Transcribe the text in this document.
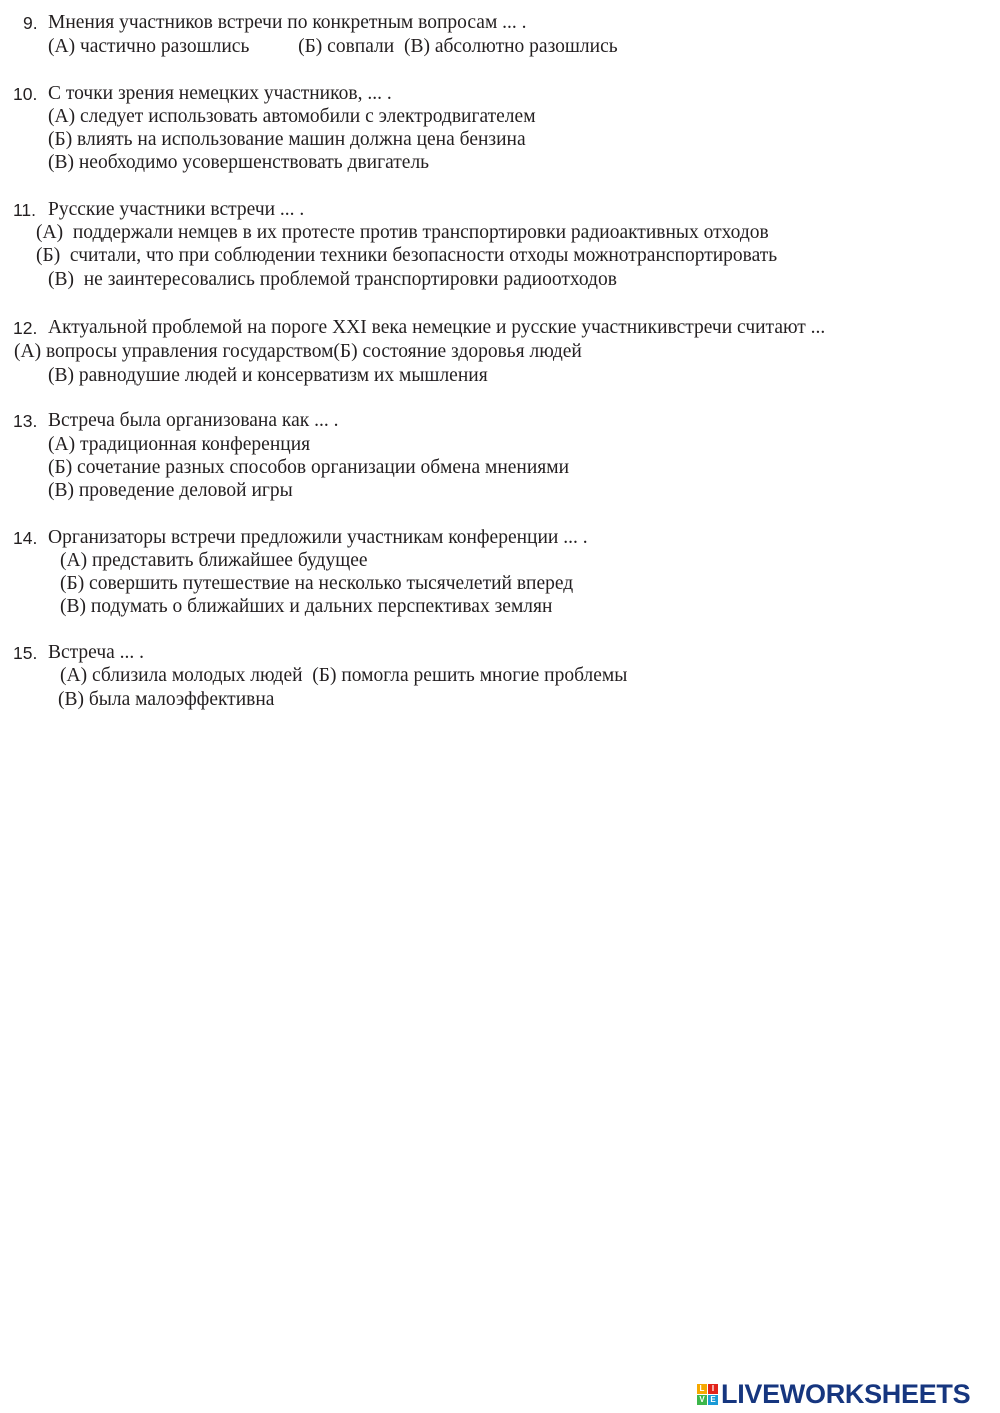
9. Мнения участников встречи по конкретным вопросам ... .
(А) частично разошлись          (Б) совпали  (В) абсолютно разошлись
10. С точки зрения немецких участников, ... .
(А) следует использовать автомобили с электродвигателем
(Б) влиять на использование машин должна цена бензина
(В) необходимо усовершенствовать двигатель
11. Русские участники встречи ... .
(А)  поддержали немцев в их протесте против транспортировки радиоактивных отходов
(Б)  считали, что при соблюдении техники безопасности отходы можнотранспортировать
(В)  не заинтересовались проблемой транспортировки радиоотходов
12. Актуальной проблемой на пороге XXI века немецкие и русские участникивстречи считают ...
(А) вопросы управления государством(Б) состояние здоровья людей
(В) равнодушие людей и консерватизм их мышления
13. Встреча была организована как ... .
(А) традиционная конференция
(Б) сочетание разных способов организации обмена мнениями
(В) проведение деловой игры
14. Организаторы встречи предложили участникам конференции ... .
(А) представить ближайшее будущее
(Б) совершить путешествие на несколько тысячелетий вперед
(В) подумать о ближайших и дальних перспективах землян
15. Встреча ... .
(А) сблизила молодых людей  (Б) помогла решить многие проблемы
(В) была малоэффективна
L I
V E LIVEWORKSHEETS
